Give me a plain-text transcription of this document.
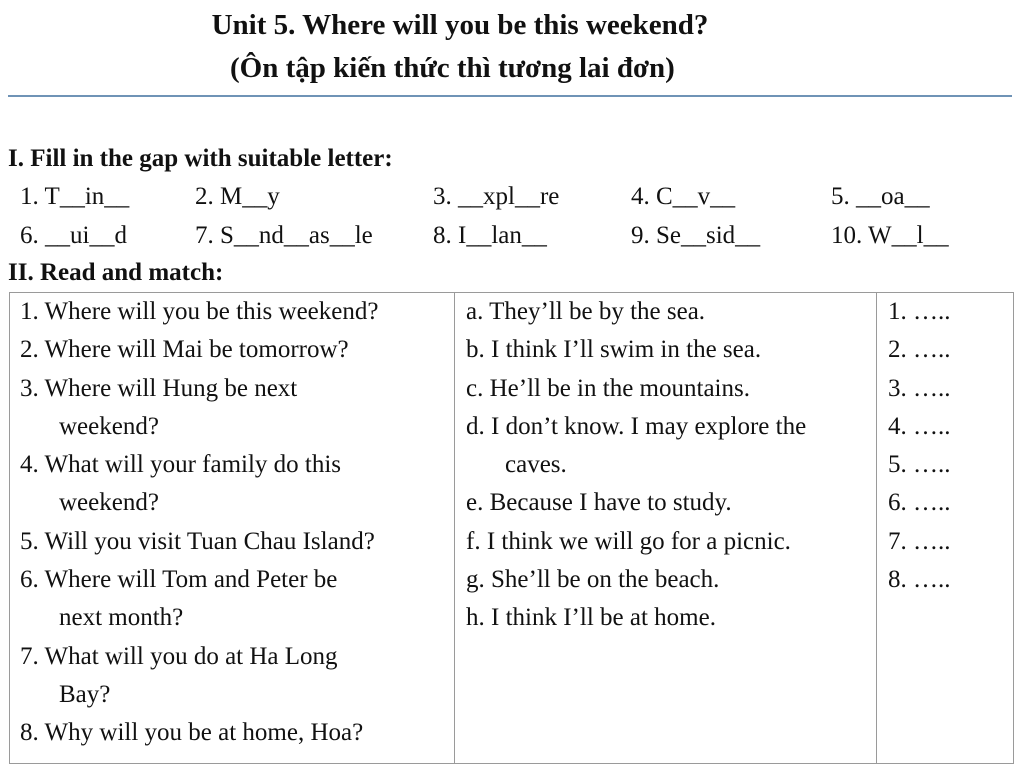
Unit 5. Where will you be this weekend?
(Ôn tập kiến thức thì tương lai đơn)
I. Fill in the gap with suitable letter:
1. T__in__	2. M__y	3. __xpl__re	4. C__v__	5. __oa__
6. __ui__d	7. S__nd__as__le 8. I__lan__	9. Se__sid__	10. W__l__
II. Read and match:
1. Where will you be this weekend?
2. Where will Mai be tomorrow?
3. Where will Hung be next
weekend?
4. What will your family do this
weekend?
5. Will you visit Tuan Chau Island?
6. Where will Tom and Peter be
next month?
7. What will you do at Ha Long
Bay?
8. Why will you be at home, Hoa?

a. They’ll be by the sea.
b. I think I’ll swim in the sea.
c. He’ll be in the mountains.
d. I don’t know. I may explore the
caves.
e. Because I have to study.
f. I think we will go for a picnic.
g. She’ll be on the beach.
h. I think I’ll be at home.

1. …..
2. …..
3. …..
4. …..
5. …..
6. …..
7. …..
8. …..
